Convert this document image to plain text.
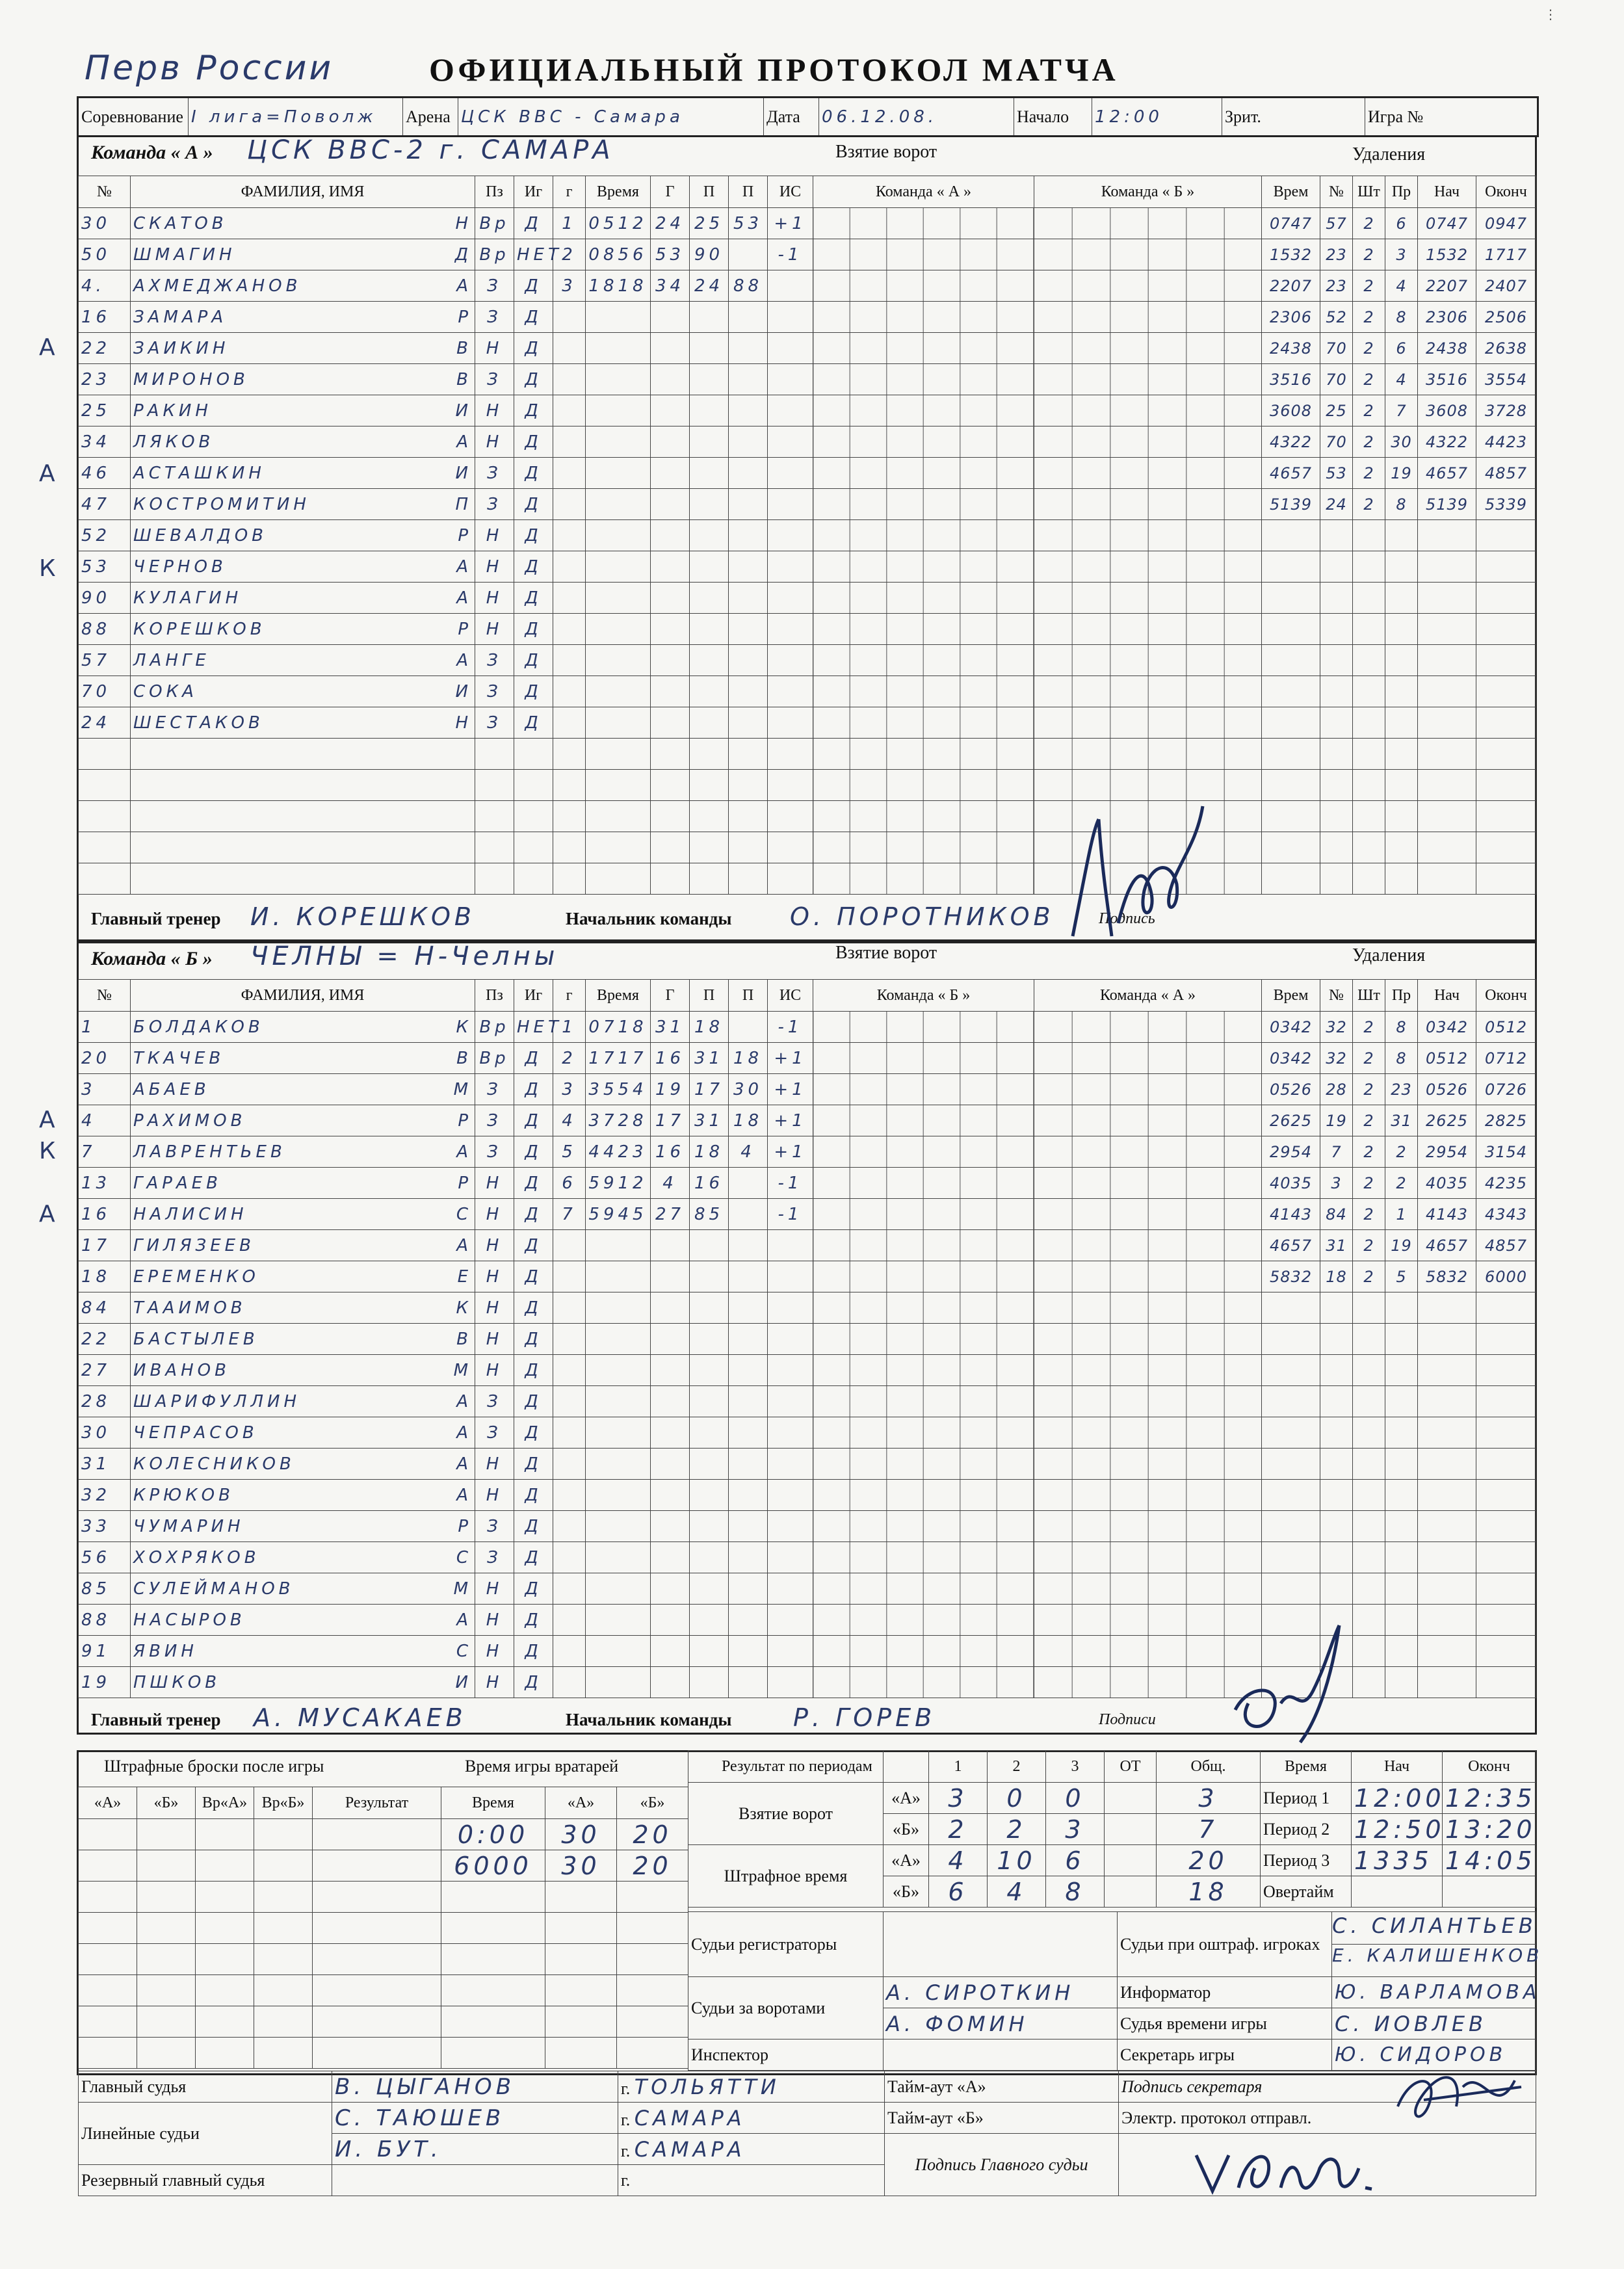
Перв России	ОФИЦИАЛЬНЫЙ ПРОТОКОЛ МАТЧА
Соревнование	I лига=Поволж	Арена	ЦСК ВВС - Самара	Дата	06.12.08.	Начало	12:00	Зрит.	Игра №
Команда « А » ЦСК ВВС-2 г. САМАРА	Взятие ворот	Удаления
№	ФАМИЛИЯ, ИМЯ	Пз	Иг	г	Время	Г	П	П	ИС	Команда « А »	Команда « Б »	Врем	№	Шт	Пр	Нач	Оконч
30	СКАТОВ Н	Вр	Д	1	0512	24	25	53	+1			0747	57	2	6	0747	0947
50	ШМАГИН Д	Вр	НЕТ	2	0856	53	90		-1			1532	23	2	3	1532	1717
4.	АХМЕДЖАНОВ А	З	Д	3	1818	34	24	88				2207	23	2	4	2207	2407
16	ЗАМАРА Р	З	Д									2306	52	2	8	2306	2506
22	ЗАИКИН В	Н	Д									2438	70	2	6	2438	2638
23	МИРОНОВ В	З	Д									3516	70	2	4	3516	3554
25	РАКИН И	Н	Д									3608	25	2	7	3608	3728
34	ЛЯКОВ А	Н	Д									4322	70	2	30	4322	4423
46	АСТАШКИН И	З	Д									4657	53	2	19	4657	4857
47	КОСТРОМИТИН П	З	Д									5139	24	2	8	5139	5339
52	ШЕВАЛДОВ Р	Н	Д														
53	ЧЕРНОВ А	Н	Д														
90	КУЛАГИН А	Н	Д														
88	КОРЕШКОВ Р	Н	Д														
57	ЛАНГЕ А	З	Д														
70	СОКА И	З	Д														
24	ШЕСТАКОВ Н	З	Д														

Главный тренер И. КОРЕШКОВ	Начальник команды О. ПОРОТНИКОВ	Подпись
Команда « Б » ЧЕЛНЫ = Н-Челны	Взятие ворот	Удаления
№	ФАМИЛИЯ, ИМЯ	Пз	Иг	г	Время	Г	П	П	ИС	Команда « Б »	Команда « А »	Врем	№	Шт	Пр	Нач	Оконч
1	БОЛДАКОВ К	Вр	НЕТ	1	0718	31	18		-1			0342	32	2	8	0342	0512
20	ТКАЧЕВ В	Вр	Д	2	1717	16	31	18	+1			0342	32	2	8	0512	0712
3	АБАЕВ М	З	Д	3	3554	19	17	30	+1			0526	28	2	23	0526	0726
4	РАХИМОВ Р	З	Д	4	3728	17	31	18	+1			2625	19	2	31	2625	2825
7	ЛАВРЕНТЬЕВ А	З	Д	5	4423	16	18	4	+1			2954	7	2	2	2954	3154
13	ГАРАЕВ Р	Н	Д	6	5912	4	16		-1			4035	3	2	2	4035	4235
16	НАЛИСИН С	Н	Д	7	5945	27	85		-1			4143	84	2	1	4143	4343
17	ГИЛЯЗЕЕВ А	Н	Д									4657	31	2	19	4657	4857
18	ЕРЕМЕНКО Е	Н	Д									5832	18	2	5	5832	6000
84	ТААИМОВ К	Н	Д														
22	БАСТЫЛЕВ В	Н	Д														
27	ИВАНОВ М	Н	Д														
28	ШАРИФУЛЛИН А	З	Д														
30	ЧЕПРАСОВ А	З	Д														
31	КОЛЕСНИКОВ А	Н	Д														
32	КРЮКОВ А	Н	Д														
33	ЧУМАРИН Р	З	Д														
56	ХОХРЯКОВ С	З	Д														
85	СУЛЕЙМАНОВ М	Н	Д														
88	НАСЫРОВ А	Н	Д														
91	ЯВИН С	Н	Д														
19	ПШКОВ И	Н	Д														
Главный тренер А. МУСАКАЕВ	Начальник команды Р. ГОРЕВ	Подписи
Штрафные броски после игры
«А»	«Б»	Вр«А»	Вр«Б»	Результат

Время игры вратарей
Время	«А»	«Б»
0:00	30	20
6000	30	20

Результат по периодам
			1	2	3	ОТ	Общ.
Взятие ворот	«А»	3	0	0		3
	«Б»	2	2	3		7
Штрафное время	«А»	4	10	6		20
	«Б»	6	4	8		18
Время	Нач	Оконч
Период 1	12:00	12:35
Период 2	12:50	13:20
Период 3	1335	14:05
Овертайм		
Судьи регистраторы		Судьи при оштраф. игроках	С. СИЛАНТЬЕВ
Е. КАЛИШЕНКОВ

Судьи за воротами	А. СИРОТКИН	Информатор	Ю. ВАРЛАМОВА
	А. ФОМИН	Судья времени игры	С. ИОВЛЕВ
Инспектор		Секретарь игры	Ю. СИДОРОВ
Главный судья	В. ЦЫГАНОВ	г. ТОЛЬЯТТИ	Тайм-аут «А»	Подпись секретаря
Линейные судьи	С. ТАЮШЕВ	г. САМАРА	Тайм-аут «Б»	Электр. протокол отправл.
	И. БУТ.	г. САМАРА	Подпись Главного судьи	
Резервный главный судья		г.		
⋮
А
А
К
А
К
А
